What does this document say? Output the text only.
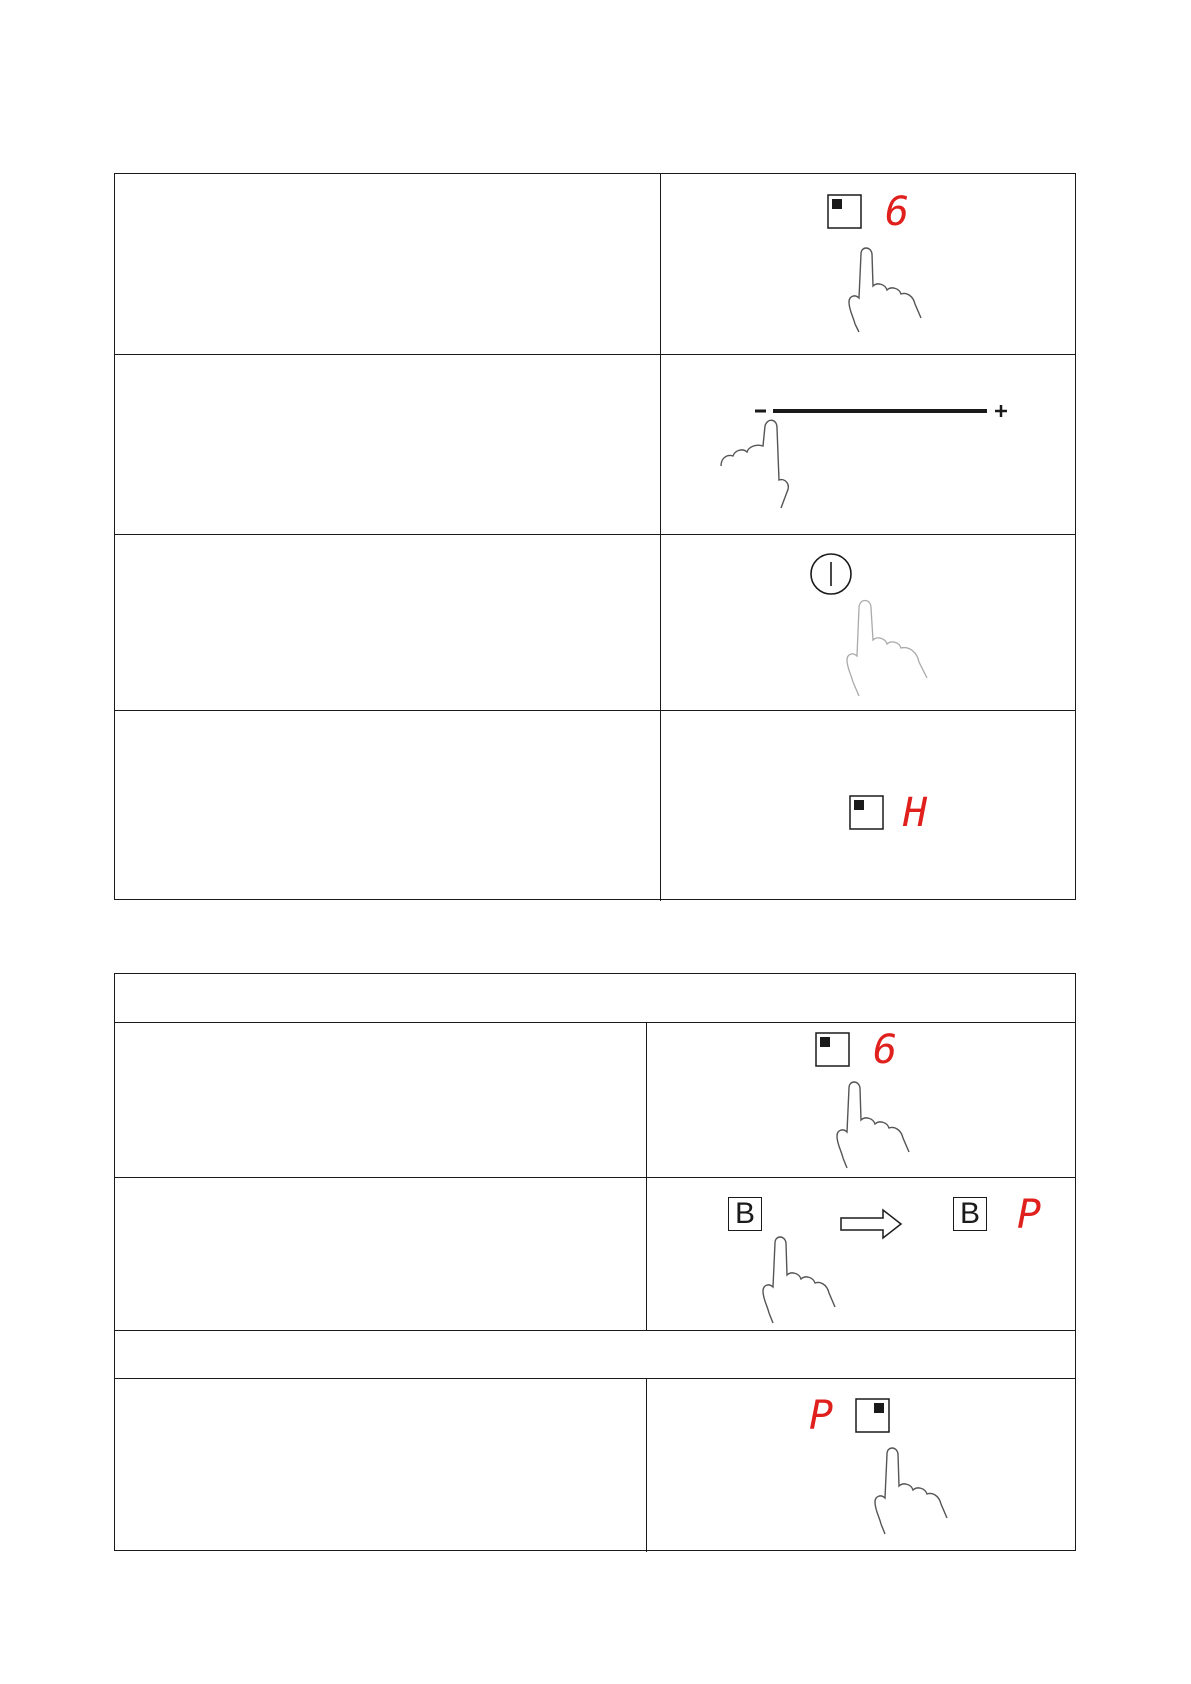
6
H
6
B	B P
P
